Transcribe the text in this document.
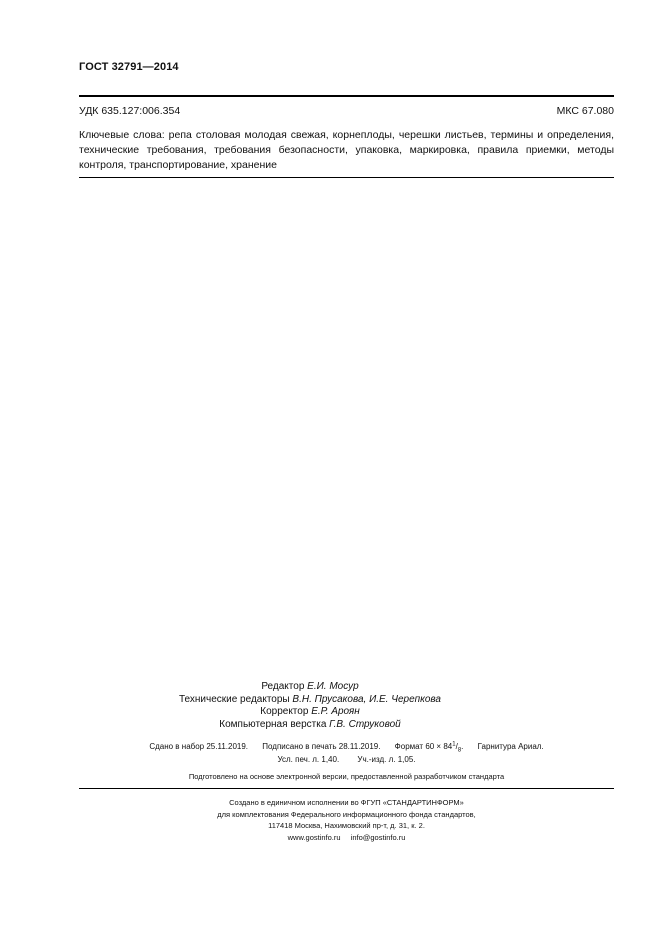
ГОСТ 32791—2014
УДК 635.127:006.354	МКС 67.080

Ключевые слова: репа столовая молодая свежая, корнеплоды, черешки листьев, термины и определения, технические требования, требования безопасности, упаковка, маркировка, правила приемки, методы контроля, транспортирование, хранение

Редактор Е.И. Мосур
Технические редакторы В.Н. Прусакова, И.Е. Черепкова
Корректор Е.Р. Ароян
Компьютерная верстка Г.В. Струковой
Сдано в набор 25.11.2019. Подписано в печать 28.11.2019. Формат $60 \times 84^1/_8$. Гарнитура Ариал.
Усл. печ. л. 1,40. Уч.-изд. л. 1,05.
Подготовлено на основе электронной версии, предоставленной разработчиком стандарта
Создано в единичном исполнении во ФГУП «СТАНДАРТИНФОРМ»
для комплектования Федерального информационного фонда стандартов,
117418 Москва, Нахимовский пр-т, д. 31, к. 2.
www.gostinfo.ru info@gostinfo.ru
